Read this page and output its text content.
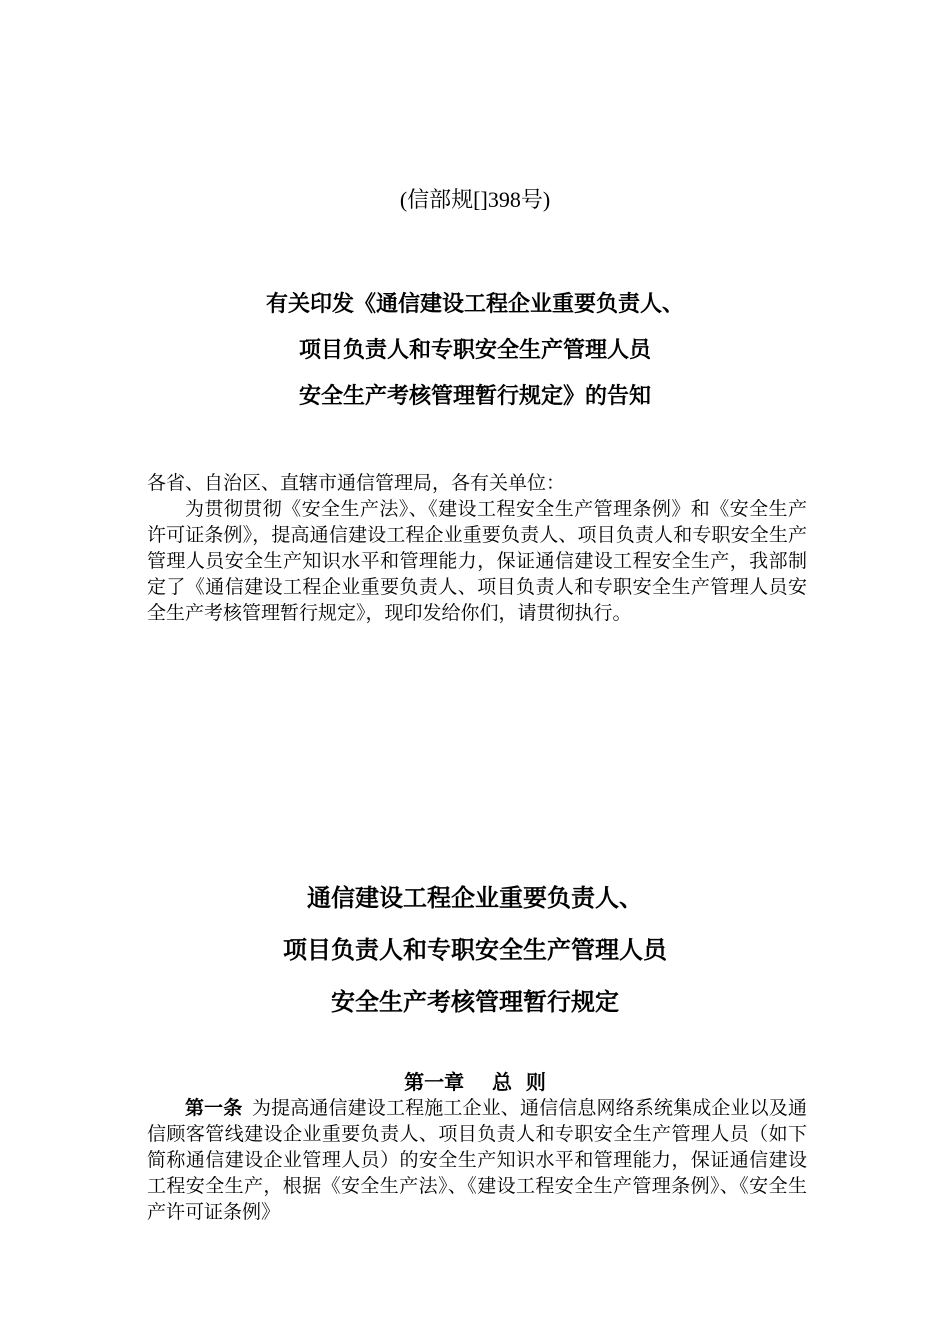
(信部规[]398号)
有关印发《通信建设工程企业重要负责人、
项目负责人和专职安全生产管理人员
安全生产考核管理暂行规定》的告知

各省、自治区、直辖市通信管理局，各有关单位：

为贯彻贯彻《安全生产法》、《建设工程安全生产管理条例》和《安全生产许可证条例》，提高通信建设工程企业重要负责人、项目负责人和专职安全生产管理人员安全生产知识水平和管理能力，保证通信建设工程安全生产，我部制定了《通信建设工程企业重要负责人、项目负责人和专职安全生产管理人员安全生产考核管理暂行规定》，现印发给你们，请贯彻执行。

通信建设工程企业重要负责人、
项目负责人和专职安全生产管理人员
安全生产考核管理暂行规定
第一章    总  则

第一条 为提高通信建设工程施工企业、通信信息网络系统集成企业以及通信顾客管线建设企业重要负责人、项目负责人和专职安全生产管理人员（如下简称通信建设企业管理人员）的安全生产知识水平和管理能力，保证通信建设工程安全生产，根据《安全生产法》、《建设工程安全生产管理条例》、《安全生产许可证条例》
